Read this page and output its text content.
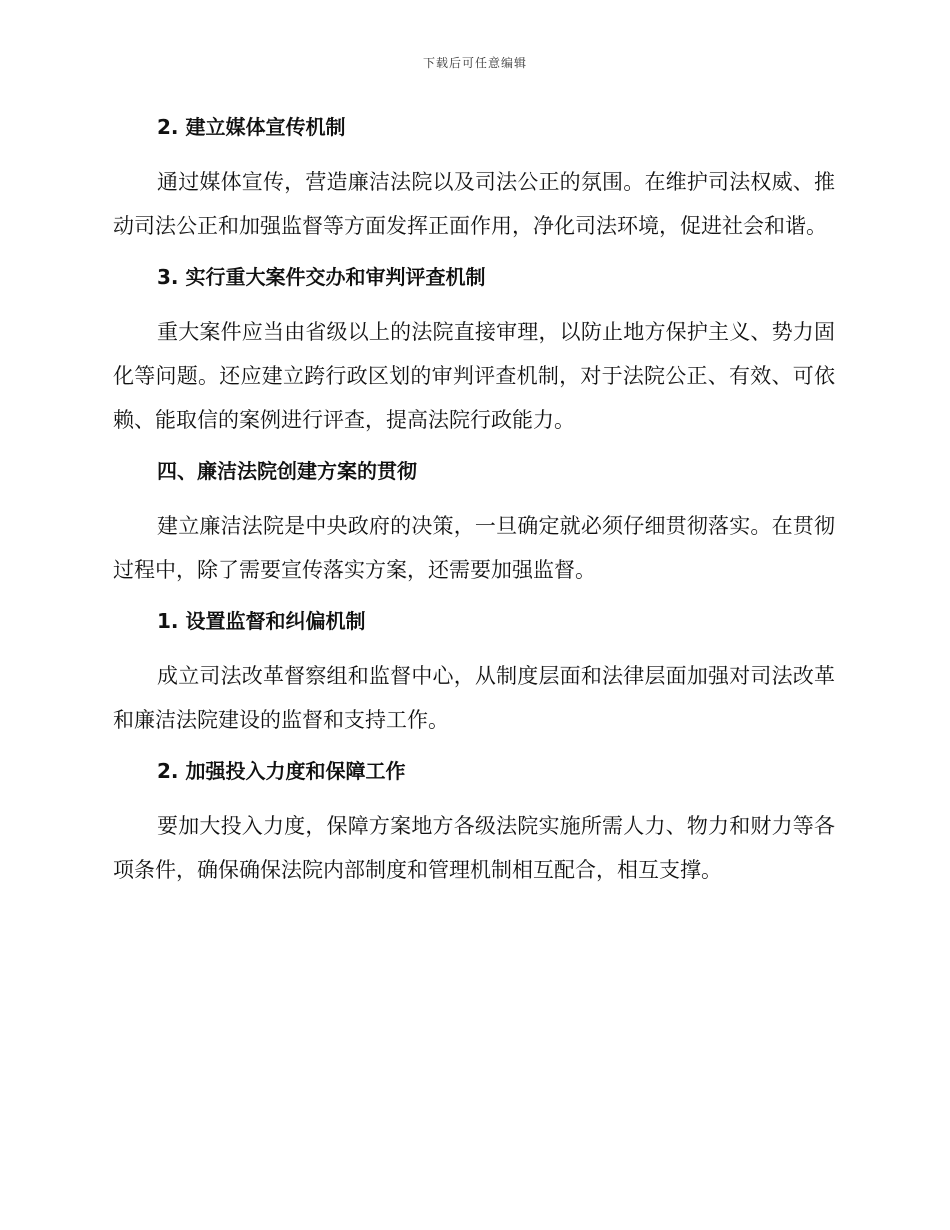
下载后可任意编辑
2. 建立媒体宣传机制

通过媒体宣传，营造廉洁法院以及司法公正的氛围。在维护司法权威、推动司法公正和加强监督等方面发挥正面作用，净化司法环境，促进社会和谐。

3. 实行重大案件交办和审判评查机制

重大案件应当由省级以上的法院直接审理，以防止地方保护主义、势力固化等问题。还应建立跨行政区划的审判评查机制，对于法院公正、有效、可依赖、能取信的案例进行评查，提高法院行政能力。

四、廉洁法院创建方案的贯彻

建立廉洁法院是中央政府的决策，一旦确定就必须仔细贯彻落实。在贯彻过程中，除了需要宣传落实方案，还需要加强监督。

1. 设置监督和纠偏机制

成立司法改革督察组和监督中心，从制度层面和法律层面加强对司法改革和廉洁法院建设的监督和支持工作。

2. 加强投入力度和保障工作

要加大投入力度，保障方案地方各级法院实施所需人力、物力和财力等各项条件，确保确保法院内部制度和管理机制相互配合，相互支撑。
